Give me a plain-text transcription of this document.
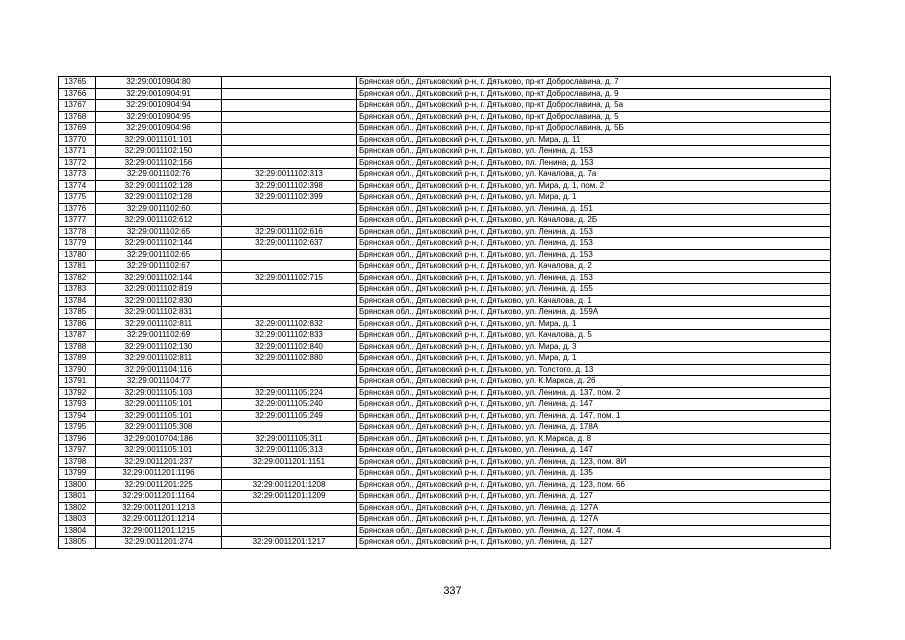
13765	32:29:0010904:80		Брянская обл., Дятьковский р-н, г. Дятьково, пр-кт Доброславина, д. 7
13766	32:29:0010904:91		Брянская обл., Дятьковский р-н, г. Дятьково, пр-кт Доброславина, д. 9
13767	32:29:0010904:94		Брянская обл., Дятьковский р-н, г. Дятьково, пр-кт Доброславина, д. 5а
13768	32:29:0010904:95		Брянская обл., Дятьковский р-н, г. Дятьково, пр-кт Доброславина, д. 5
13769	32:29:0010904:96		Брянская обл., Дятьковский р-н, г. Дятьково, пр-кт Доброславина, д. 5Б
13770	32:29:0011101:101		Брянская обл., Дятьковский р-н, г. Дятьково, ул. Мира, д. 11
13771	32:29:0011102:150		Брянская обл., Дятьковский р-н, г. Дятьково, ул. Ленина, д. 153
13772	32:29:0011102:156		Брянская обл., Дятьковский р-н, г. Дятьково, пл. Ленина, д. 153
13773	32:29:0011102:76	32:29:0011102:313	Брянская обл., Дятьковский р-н, г. Дятьково, ул. Качалова, д. 7а
13774	32:29:0011102:128	32:29:0011102:398	Брянская обл., Дятьковский р-н, г. Дятьково, ул. Мира, д. 1, пом. 2
13775	32:29:0011102:128	32:29:0011102:399	Брянская обл., Дятьковский р-н, г. Дятьково, ул. Мира, д. 1
13776	32:29:0011102:60		Брянская обл., Дятьковский р-н, г. Дятьково, ул. Ленина, д. 151
13777	32:29:0011102:612		Брянская обл., Дятьковский р-н, г. Дятьково, ул. Качалова, д. 2Б
13778	32:29:0011102:65	32:29:0011102:616	Брянская обл., Дятьковский р-н, г. Дятьково, ул. Ленина, д. 153
13779	32:29:0011102:144	32:29:0011102:637	Брянская обл., Дятьковский р-н, г. Дятьково, ул. Ленина, д. 153
13780	32:29:0011102:65		Брянская обл., Дятьковский р-н, г. Дятьково, ул. Ленина, д. 153
13781	32:29:0011102:67		Брянская обл., Дятьковский р-н, г. Дятьково, ул. Качалова, д. 2
13782	32:29:0011102:144	32:29:0011102:715	Брянская обл., Дятьковский р-н, г. Дятьково, ул. Ленина, д. 153
13783	32:29:0011102:819		Брянская обл., Дятьковский р-н, г. Дятьково, ул. Ленина, д. 155
13784	32:29:0011102:830		Брянская обл., Дятьковский р-н, г. Дятьково, ул. Качалова, д. 1
13785	32:29:0011102:831		Брянская обл., Дятьковский р-н, г. Дятьково, ул. Ленина, д. 159А
13786	32:29:0011102:811	32:29:0011102:832	Брянская обл., Дятьковский р-н, г. Дятьково, ул. Мира, д. 1
13787	32:29:0011102:69	32:29:0011102:833	Брянская обл., Дятьковский р-н, г. Дятьково, ул. Качалова, д. 5
13788	32:29:0011102:130	32:29:0011102:840	Брянская обл., Дятьковский р-н, г. Дятьково, ул. Мира, д. 3
13789	32:29:0011102:811	32:29:0011102:880	Брянская обл., Дятьковский р-н, г. Дятьково, ул. Мира, д. 1
13790	32:29:0011104:116		Брянская обл., Дятьковский р-н, г. Дятьково, ул. Толстого, д. 13
13791	32:29:0011104:77		Брянская обл., Дятьковский р-н, г. Дятьково, ул. К.Маркса, д. 26
13792	32:29:0011105:103	32:29:0011105:224	Брянская обл., Дятьковский р-н, г. Дятьково, ул. Ленина, д. 137, пом. 2
13793	32:29:0011105:101	32:29:0011105:240	Брянская обл., Дятьковский р-н, г. Дятьково, ул. Ленина, д. 147
13794	32:29:0011105:101	32:29:0011105:249	Брянская обл., Дятьковский р-н, г. Дятьково, ул. Ленина, д. 147, пом. 1
13795	32:29:0011105:308		Брянская обл., Дятьковский р-н, г. Дятьково, ул. Ленина, д. 178А
13796	32:29:0010704:186	32:29:0011105:311	Брянская обл., Дятьковский р-н, г. Дятьково, ул. К.Маркса, д. 8
13797	32:29:0011105:101	32:29:0011105:313	Брянская обл., Дятьковский р-н, г. Дятьково, ул. Ленина, д. 147
13798	32:29:0011201:237	32:29:0011201:1151	Брянская обл., Дятьковский р-н, г. Дятьково, ул. Ленина, д. 123, пом. 8И
13799	32:29:0011201:1196		Брянская обл., Дятьковский р-н, г. Дятьково, ул. Ленина, д. 135
13800	32:29:0011201:225	32:29:0011201:1208	Брянская обл., Дятьковский р-н, г. Дятьково, ул. Ленина, д. 123, пом. 66
13801	32:29:0011201:1164	32:29:0011201:1209	Брянская обл., Дятьковский р-н, г. Дятьково, ул. Ленина, д. 127
13802	32:29:0011201:1213		Брянская обл., Дятьковский р-н, г. Дятьково, ул. Ленина, д. 127А
13803	32:29:0011201:1214		Брянская обл., Дятьковский р-н, г. Дятьково, ул. Ленина, д. 127А
13804	32:29:0011201:1215		Брянская обл., Дятьковский р-н, г. Дятьково, ул. Ленина, д. 127, пом. 4
13805	32:29:0011201:274	32:29:0011201:1217	Брянская обл., Дятьковский р-н, г. Дятьково, ул. Ленина, д. 127
337
